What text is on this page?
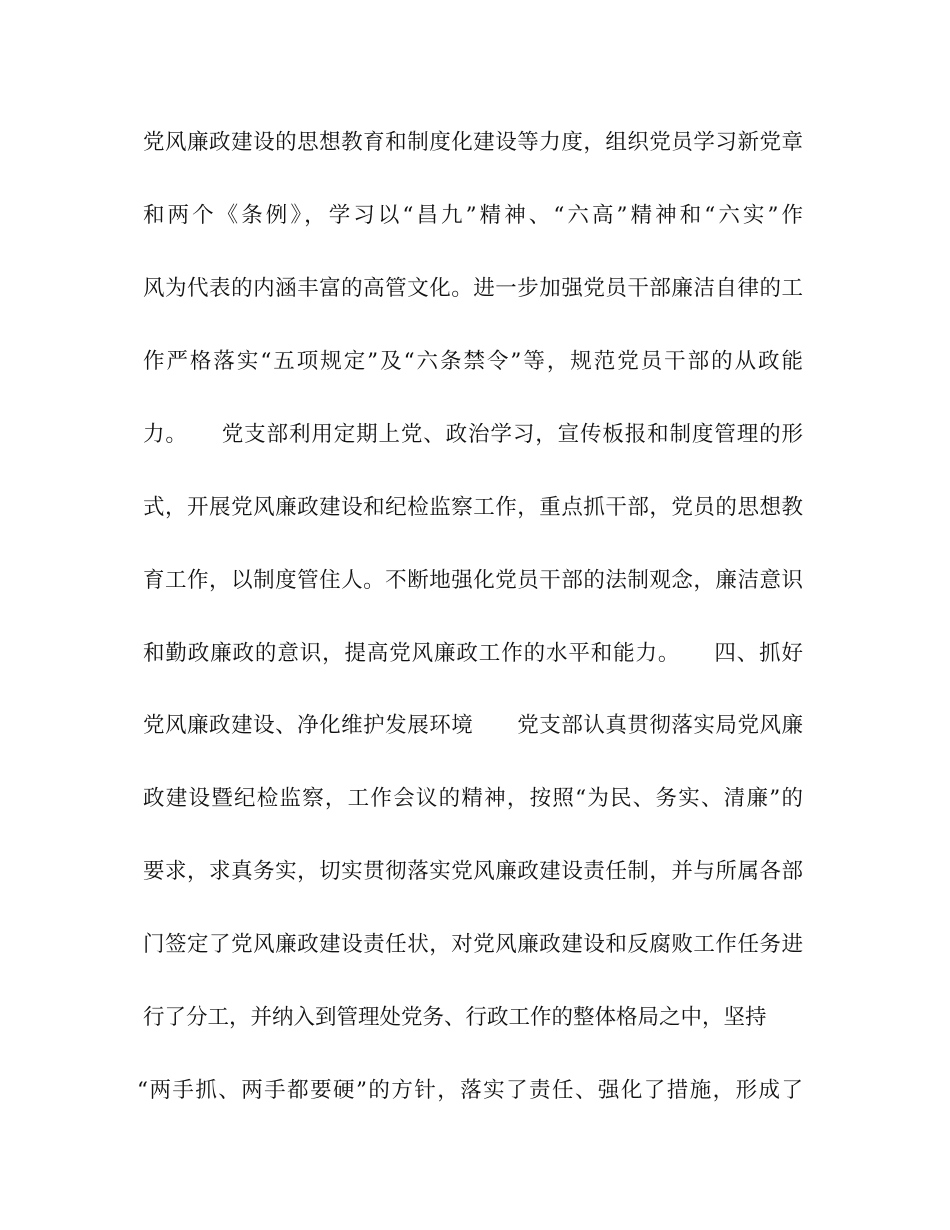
党风廉政建设的思想教育和制度化建设等力度，组织党员学习新党章
和两个《条例》，学习以“昌九”精神、“六高”精神和“六实”作
风为代表的内涵丰富的高管文化。进一步加强党员干部廉洁自律的工
作严格落实“五项规定”及“六条禁令”等，规范党员干部的从政能
力。　　党支部利用定期上党、政治学习，宣传板报和制度管理的形
式，开展党风廉政建设和纪检监察工作，重点抓干部，党员的思想教
育工作，以制度管住人。不断地强化党员干部的法制观念，廉洁意识
和勤政廉政的意识，提高党风廉政工作的水平和能力。　　四、抓好
党风廉政建设、净化维护发展环境　　党支部认真贯彻落实局党风廉
政建设暨纪检监察，工作会议的精神，按照“为民、务实、清廉”的
要求，求真务实，切实贯彻落实党风廉政建设责任制，并与所属各部
门签定了党风廉政建设责任状，对党风廉政建设和反腐败工作任务进
行了分工，并纳入到管理处党务、行政工作的整体格局之中，坚持
“两手抓、两手都要硬”的方针，落实了责任、强化了措施，形成了
